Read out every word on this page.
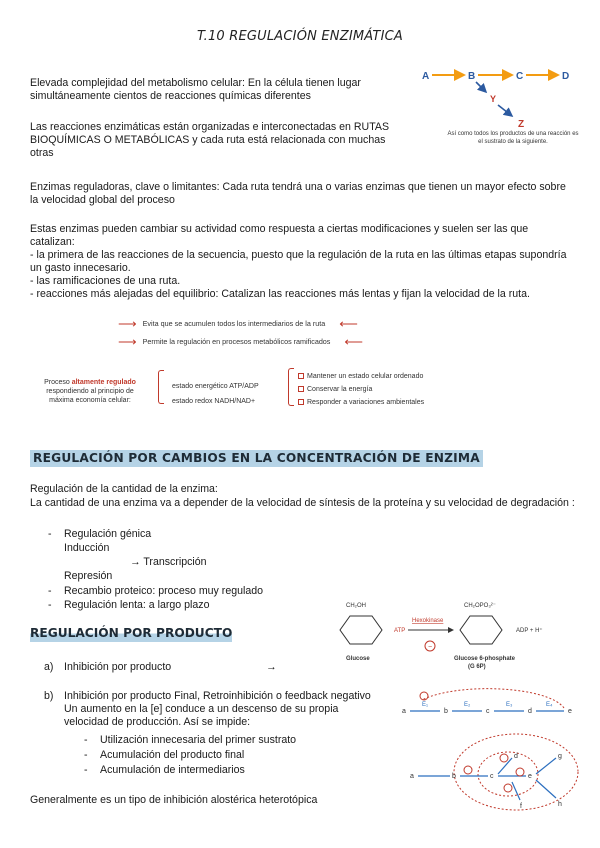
T.10 REGULACIÓN ENZIMÁTICA
Elevada complejidad del metabolismo celular: En la célula tienen lugar simultáneamente cientos de reacciones químicas diferentes
Las reacciones enzimáticas están organizadas e interconectadas en RUTAS BIOQUÍMICAS O METABÓLICAS y cada ruta está relacionada con muchas otras
Enzimas reguladoras, clave o limitantes: Cada ruta tendrá una o varias enzimas que tienen un mayor efecto sobre la velocidad global del proceso
Estas enzimas pueden cambiar su actividad como respuesta a ciertas modificaciones y suelen ser las que catalizan:
- la primera de las reacciones de la secuencia, puesto que la regulación de la ruta en las últimas etapas supondría un gasto innecesario.
- las ramificaciones de una ruta.
- reacciones más alejadas del equilibrio: Catalizan las reacciones más lentas y fijan la velocidad de la ruta.
A	B	C	D
Y
Z
Así como todos los productos de una reacción es el sustrato de la siguiente.
⟶ Evita que se acumulen todos los intermediarios de la ruta ⟵
⟶ Permite la regulación en procesos metabólicos ramificados ⟵
Proceso altamente regulado
respondiendo al principio de
máxima economía celular:
estado energético ATP/ADP
estado redox NADH/NAD+
Mantener un estado celular ordenado
Conservar la energía
Responder a variaciones ambientales
REGULACIÓN POR CAMBIOS EN LA CONCENTRACIÓN DE ENZIMA
Regulación de la cantidad de la enzima:
La cantidad de una enzima va a depender de la velocidad de síntesis de la proteína y su velocidad de degradación :
- Regulación génica
Inducción
→ Transcripción
Represión
- Recambio proteico: proceso muy regulado
- Regulación lenta: a largo plazo
REGULACIÓN POR PRODUCTO
a) Inhibición por producto	→
b) Inhibición por producto Final, Retroinhibición o feedback negativo
Un aumento en la [e] conduce a un descenso de su propia velocidad de producción. Así se impide:
- Utilización innecesaria del primer sustrato
- Acumulación del producto final
- Acumulación de intermediarios
Generalmente es un tipo de inhibición alostérica heterotópica
CH₂OH
Glucose
ATP
Hexokinase
−
CH₂OPO₃²⁻
Glucose 6-phosphate
(G 6P)
ADP + H⁺
a
E₁
b
E₂
c
E₃
d
E₄
e
a	b	c
d
e
f
g
h
